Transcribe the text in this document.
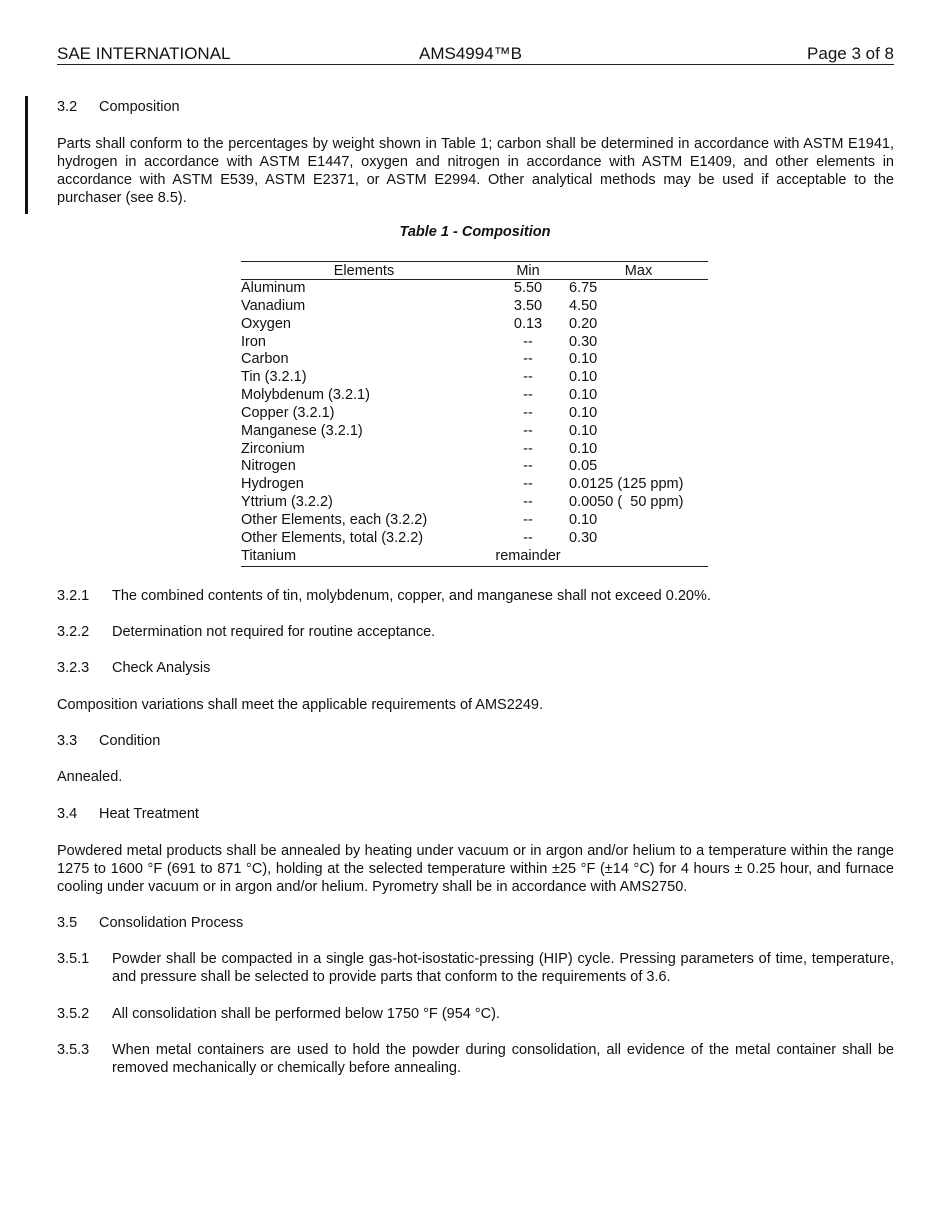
SAE INTERNATIONAL	AMS4994™B	Page 3 of 8
3.2 Composition
Parts shall conform to the percentages by weight shown in Table 1; carbon shall be determined in accordance with ASTM E1941, hydrogen in accordance with ASTM E1447, oxygen and nitrogen in accordance with ASTM E1409, and other elements in accordance with ASTM E539, ASTM E2371, or ASTM E2994. Other analytical methods may be used if acceptable to the purchaser (see 8.5).
Table 1 - Composition
Elements	Min	Max
Aluminum	5.50	6.75
Vanadium	3.50	4.50
Oxygen	0.13	0.20
Iron	--	0.30
Carbon	--	0.10
Tin (3.2.1)	--	0.10
Molybdenum (3.2.1)	--	0.10
Copper (3.2.1)	--	0.10
Manganese (3.2.1)	--	0.10
Zirconium	--	0.10
Nitrogen	--	0.05
Hydrogen	--	0.0125 (125 ppm)
Yttrium (3.2.2)	--	0.0050 (  50 ppm)
Other Elements, each (3.2.2)	--	0.10
Other Elements, total (3.2.2)	--	0.30
Titanium	remainder	
3.2.1	The combined contents of tin, molybdenum, copper, and manganese shall not exceed 0.20%.
3.2.2	Determination not required for routine acceptance.
3.2.3	Check Analysis
Composition variations shall meet the applicable requirements of AMS2249.
3.3 Condition
Annealed.
3.4 Heat Treatment
Powdered metal products shall be annealed by heating under vacuum or in argon and/or helium to a temperature within the range 1275 to 1600 °F (691 to 871 °C), holding at the selected temperature within ±25 °F (±14 °C) for 4 hours ± 0.25 hour, and furnace cooling under vacuum or in argon and/or helium. Pyrometry shall be in accordance with AMS2750.
3.5 Consolidation Process
3.5.1	Powder shall be compacted in a single gas-hot-isostatic-pressing (HIP) cycle. Pressing parameters of time, temperature, and pressure shall be selected to provide parts that conform to the requirements of 3.6.
3.5.2	All consolidation shall be performed below 1750 °F (954 °C).
3.5.3	When metal containers are used to hold the powder during consolidation, all evidence of the metal container shall be removed mechanically or chemically before annealing.
